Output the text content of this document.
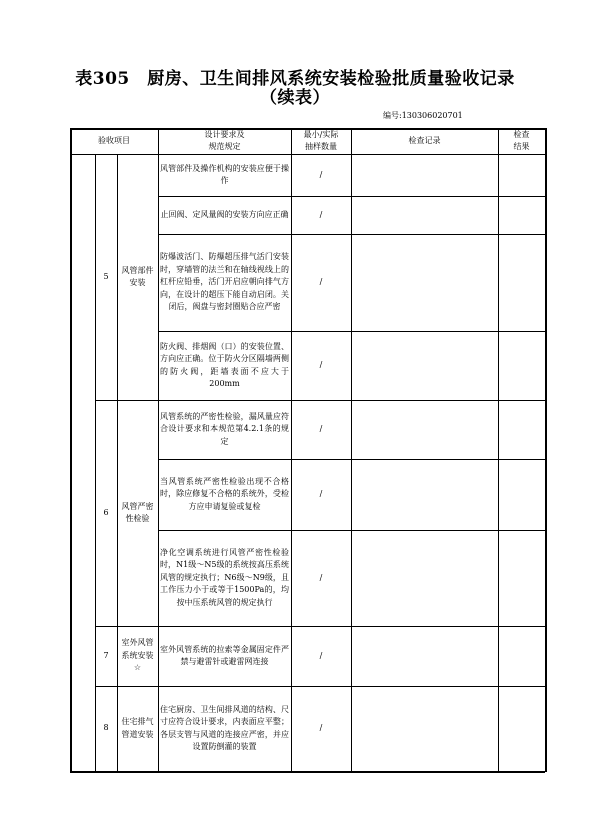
表305　厨房、卫生间排风系统安装检验批质量验收记录
（续表）
编号:130306020701
验收项目
设计要求及
规范规定
最小/实际
抽样数量
检查记录
检查
结果
5
风管部件
安装
风管部件及操作机构的安装应便于操作
/
止回阀、定风量阀的安装方向应正确	/
防爆波活门、防爆超压排气活门安装时，穿墙管的法兰和在轴线视线上的杠杆应铅垂，活门开启应朝向排气方向，在设计的超压下能自动启闭。关闭后，阀盘与密封圈贴合应严密
/
防火阀、排烟阀（口）的安装位置、方向应正确。位于防火分区隔墙两侧的防火阀，距墙表面不应大于200mm
/
6
风管严密
性检验
风管系统的严密性检验，漏风量应符合设计要求和本规范第4.2.1条的规定
/
当风管系统严密性检验出现不合格时，除应修复不合格的系统外，受检方应申请复验或复检
/
净化空调系统进行风管严密性检验时，N1级～N5级的系统按高压系统风管的规定执行；N6级～N9级，且工作压力小于或等于1500Pa的，均按中压系统风管的规定执行
/
7
室外风管
系统安装
☆
室外风管系统的拉索等金属固定件严禁与避雷针或避雷网连接
/
8
住宅排气
管道安装
住宅厨房、卫生间排风道的结构、尺寸应符合设计要求，内表面应平整；各层支管与风道的连接应严密，并应设置防倒灌的装置
/
